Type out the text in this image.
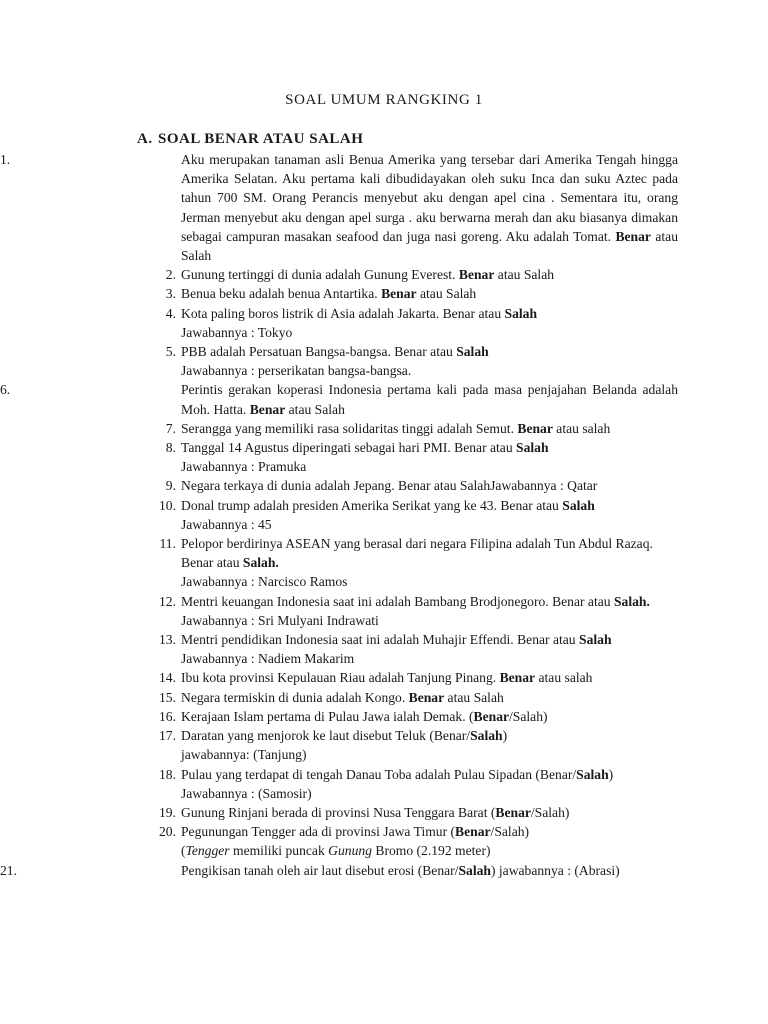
SOAL UMUM RANGKING 1
A. SOAL BENAR ATAU SALAH
1.	Aku merupakan tanaman asli Benua Amerika yang tersebar dari Amerika Tengah hingga Amerika Selatan. Aku pertama kali dibudidayakan oleh suku Inca dan suku Aztec pada tahun 700 SM. Orang Perancis menyebut aku dengan apel cina . Sementara itu, orang Jerman menyebut aku dengan apel surga . aku berwarna merah dan aku biasanya dimakan sebagai campuran masakan seafood dan juga nasi goreng. Aku adalah Tomat. Benar atau Salah
2. Gunung tertinggi di dunia adalah Gunung Everest. Benar atau Salah
3. Benua beku adalah benua Antartika. Benar atau Salah
4. Kota paling boros listrik di Asia adalah Jakarta. Benar atau Salah
Jawabannya : Tokyo
5. PBB adalah Persatuan Bangsa-bangsa. Benar atau Salah
Jawabannya : perserikatan bangsa-bangsa.
6.	Perintis gerakan koperasi Indonesia pertama kali pada masa penjajahan Belanda adalah Moh. Hatta. Benar atau Salah
7. Serangga yang memiliki rasa solidaritas tinggi adalah Semut. Benar atau salah
8. Tanggal 14 Agustus diperingati sebagai hari PMI. Benar atau Salah
Jawabannya : Pramuka
9. Negara terkaya di dunia adalah Jepang. Benar atau SalahJawabannya : Qatar
10. Donal trump adalah presiden Amerika Serikat yang ke 43. Benar atau Salah
Jawabannya : 45
11. Pelopor berdirinya ASEAN yang berasal dari negara Filipina adalah Tun Abdul Razaq. Benar atau Salah.
Jawabannya : Narcisco Ramos
12. Mentri keuangan Indonesia saat ini adalah Bambang Brodjonegoro. Benar atau Salah.
Jawabannya : Sri Mulyani Indrawati
13. Mentri pendidikan Indonesia saat ini adalah Muhajir Effendi. Benar atau Salah
Jawabannya : Nadiem Makarim
14. Ibu kota provinsi Kepulauan Riau adalah Tanjung Pinang. Benar atau salah
15. Negara termiskin di dunia adalah Kongo. Benar atau Salah
16. Kerajaan Islam pertama di Pulau Jawa ialah Demak. (Benar/Salah)
17. Daratan yang menjorok ke laut disebut Teluk (Benar/Salah)
jawabannya: (Tanjung)
18. Pulau yang terdapat di tengah Danau Toba adalah Pulau Sipadan (Benar/Salah)
Jawabannya : (Samosir)
19. Gunung Rinjani berada di provinsi Nusa Tenggara Barat (Benar/Salah)
20. Pegunungan Tengger ada di provinsi Jawa Timur (Benar/Salah)
(Tengger memiliki puncak Gunung Bromo (2.192 meter)
21.	Pengikisan tanah oleh air laut disebut erosi (Benar/Salah) jawabannya : (Abrasi)
